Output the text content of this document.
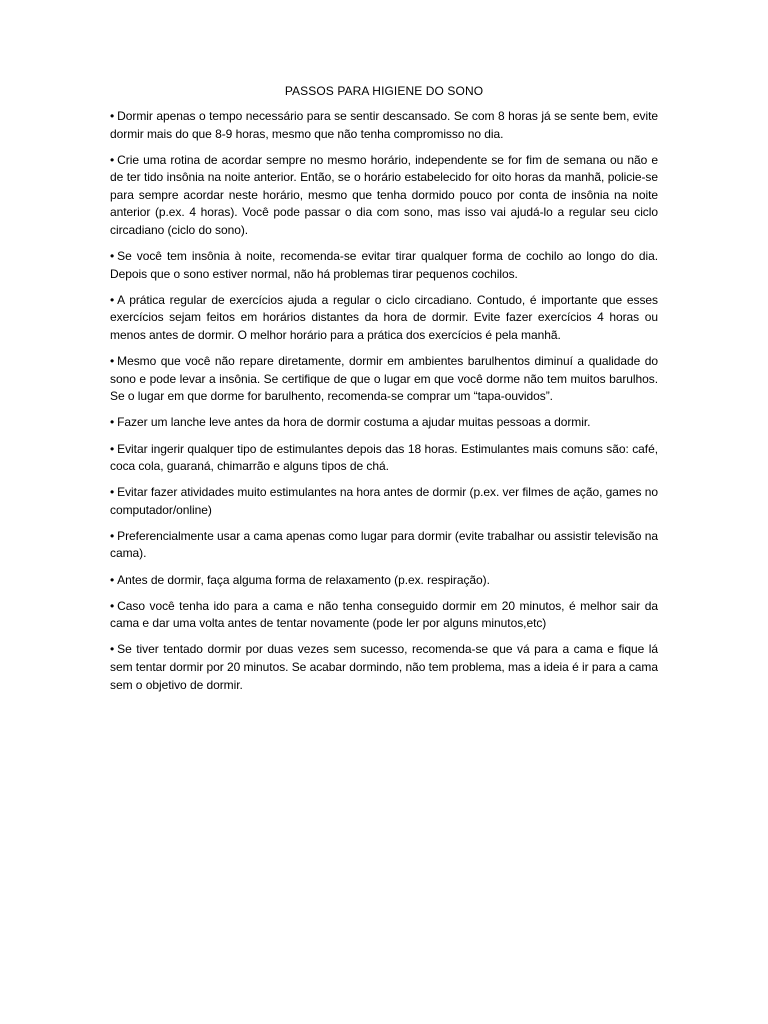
PASSOS PARA HIGIENE DO SONO

• Dormir apenas o tempo necessário para se sentir descansado. Se com 8 horas já se sente bem, evite dormir mais do que 8-9 horas, mesmo que não tenha compromisso no dia.

• Crie uma rotina de acordar sempre no mesmo horário, independente se for fim de semana ou não e de ter tido insônia na noite anterior. Então, se o horário estabelecido for oito horas da manhã, policie-se para sempre acordar neste horário, mesmo que tenha dormido pouco por conta de insônia na noite anterior (p.ex. 4 horas). Você pode passar o dia com sono, mas isso vai ajudá-lo a regular seu ciclo circadiano (ciclo do sono).

• Se você tem insônia à noite, recomenda-se evitar tirar qualquer forma de cochilo ao longo do dia. Depois que o sono estiver normal, não há problemas tirar pequenos cochilos.

• A prática regular de exercícios ajuda a regular o ciclo circadiano. Contudo, é importante que esses exercícios sejam feitos em horários distantes da hora de dormir. Evite fazer exercícios 4 horas ou menos antes de dormir. O melhor horário para a prática dos exercícios é pela manhã.

• Mesmo que você não repare diretamente, dormir em ambientes barulhentos diminuí a qualidade do sono e pode levar a insônia. Se certifique de que o lugar em que você dorme não tem muitos barulhos. Se o lugar em que dorme for barulhento, recomenda-se comprar um “tapa-ouvidos”.

• Fazer um lanche leve antes da hora de dormir costuma a ajudar muitas pessoas a dormir.

• Evitar ingerir qualquer tipo de estimulantes depois das 18 horas. Estimulantes mais comuns são: café, coca cola, guaraná, chimarrão e alguns tipos de chá.

• Evitar fazer atividades muito estimulantes na hora antes de dormir (p.ex. ver filmes de ação, games no computador/online)

• Preferencialmente usar a cama apenas como lugar para dormir (evite trabalhar ou assistir televisão na cama).

• Antes de dormir, faça alguma forma de relaxamento (p.ex. respiração).

• Caso você tenha ido para a cama e não tenha conseguido dormir em 20 minutos, é melhor sair da cama e dar uma volta antes de tentar novamente (pode ler por alguns minutos,etc)

• Se tiver tentado dormir por duas vezes sem sucesso, recomenda-se que vá para a cama e fique lá sem tentar dormir por 20 minutos. Se acabar dormindo, não tem problema, mas a ideia é ir para a cama sem o objetivo de dormir.
